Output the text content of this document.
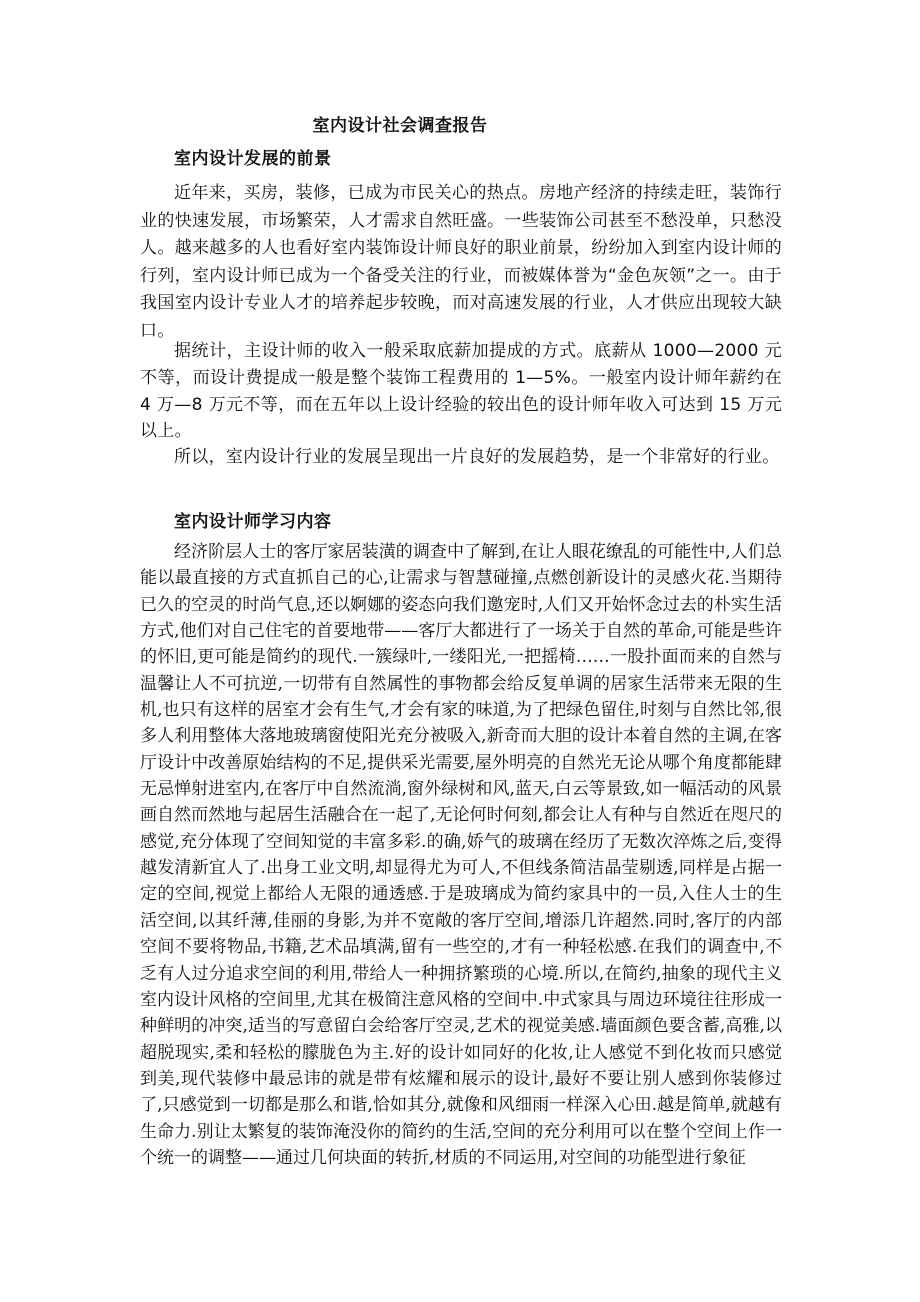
室内设计社会调查报告
室内设计发展的前景

近年来，买房，装修，已成为市民关心的热点。房地产经济的持续走旺，装饰行业的快速发展，市场繁荣，人才需求自然旺盛。一些装饰公司甚至不愁没单，只愁没人。越来越多的人也看好室内装饰设计师良好的职业前景，纷纷加入到室内设计师的行列，室内设计师已成为一个备受关注的行业，而被媒体誉为“金色灰领”之一。由于我国室内设计专业人才的培养起步较晚，而对高速发展的行业，人才供应出现较大缺口。

据统计，主设计师的收入一般采取底薪加提成的方式。底薪从 1000—2000 元不等，而设计费提成一般是整个装饰工程费用的 1—5%。一般室内设计师年薪约在 4 万—8 万元不等，而在五年以上设计经验的较出色的设计师年收入可达到 15 万元以上。

所以，室内设计行业的发展呈现出一片良好的发展趋势，是一个非常好的行业。

室内设计师学习内容

经济阶层人士的客厅家居装潢的调查中了解到,在让人眼花缭乱的可能性中,人们总能以最直接的方式直抓自己的心,让需求与智慧碰撞,点燃创新设计的灵感火花.当期待已久的空灵的时尚气息,还以婀娜的姿态向我们邀宠时,人们又开始怀念过去的朴实生活方式,他们对自己住宅的首要地带——客厅大都进行了一场关于自然的革命,可能是些许的怀旧,更可能是简约的现代.一簇绿叶,一缕阳光,一把摇椅……一股扑面而来的自然与温馨让人不可抗逆,一切带有自然属性的事物都会给反复单调的居家生活带来无限的生机,也只有这样的居室才会有生气,才会有家的味道,为了把绿色留住,时刻与自然比邻,很多人利用整体大落地玻璃窗使阳光充分被吸入,新奇而大胆的设计本着自然的主调,在客厅设计中改善原始结构的不足,提供采光需要,屋外明亮的自然光无论从哪个角度都能肆无忌惮射进室内,在客厅中自然流淌,窗外绿树和风,蓝天,白云等景致,如一幅活动的风景画自然而然地与起居生活融合在一起了,无论何时何刻,都会让人有种与自然近在咫尺的感觉,充分体现了空间知觉的丰富多彩.的确,娇气的玻璃在经历了无数次淬炼之后,变得越发清新宜人了.出身工业文明,却显得尤为可人,不但线条简洁晶莹剔透,同样是占据一定的空间,视觉上都给人无限的通透感.于是玻璃成为简约家具中的一员,入住人士的生活空间,以其纤薄,佳丽的身影,为并不宽敞的客厅空间,增添几许超然.同时,客厅的内部空间不要将物品,书籍,艺术品填满,留有一些空的,才有一种轻松感.在我们的调查中,不乏有人过分追求空间的利用,带给人一种拥挤繁琐的心境.所以,在简约,抽象的现代主义室内设计风格的空间里,尤其在极简注意风格的空间中.中式家具与周边环境往往形成一种鲜明的冲突,适当的写意留白会给客厅空灵,艺术的视觉美感.墙面颜色要含蓄,高雅,以超脱现实,柔和轻松的朦胧色为主.好的设计如同好的化妆,让人感觉不到化妆而只感觉到美,现代装修中最忌讳的就是带有炫耀和展示的设计,最好不要让别人感到你装修过了,只感觉到一切都是那么和谐,恰如其分,就像和风细雨一样深入心田.越是简单,就越有生命力.别让太繁复的装饰淹没你的简约的生活,空间的充分利用可以在整个空间上作一个统一的调整——通过几何块面的转折,材质的不同运用,对空间的功能型进行象征
